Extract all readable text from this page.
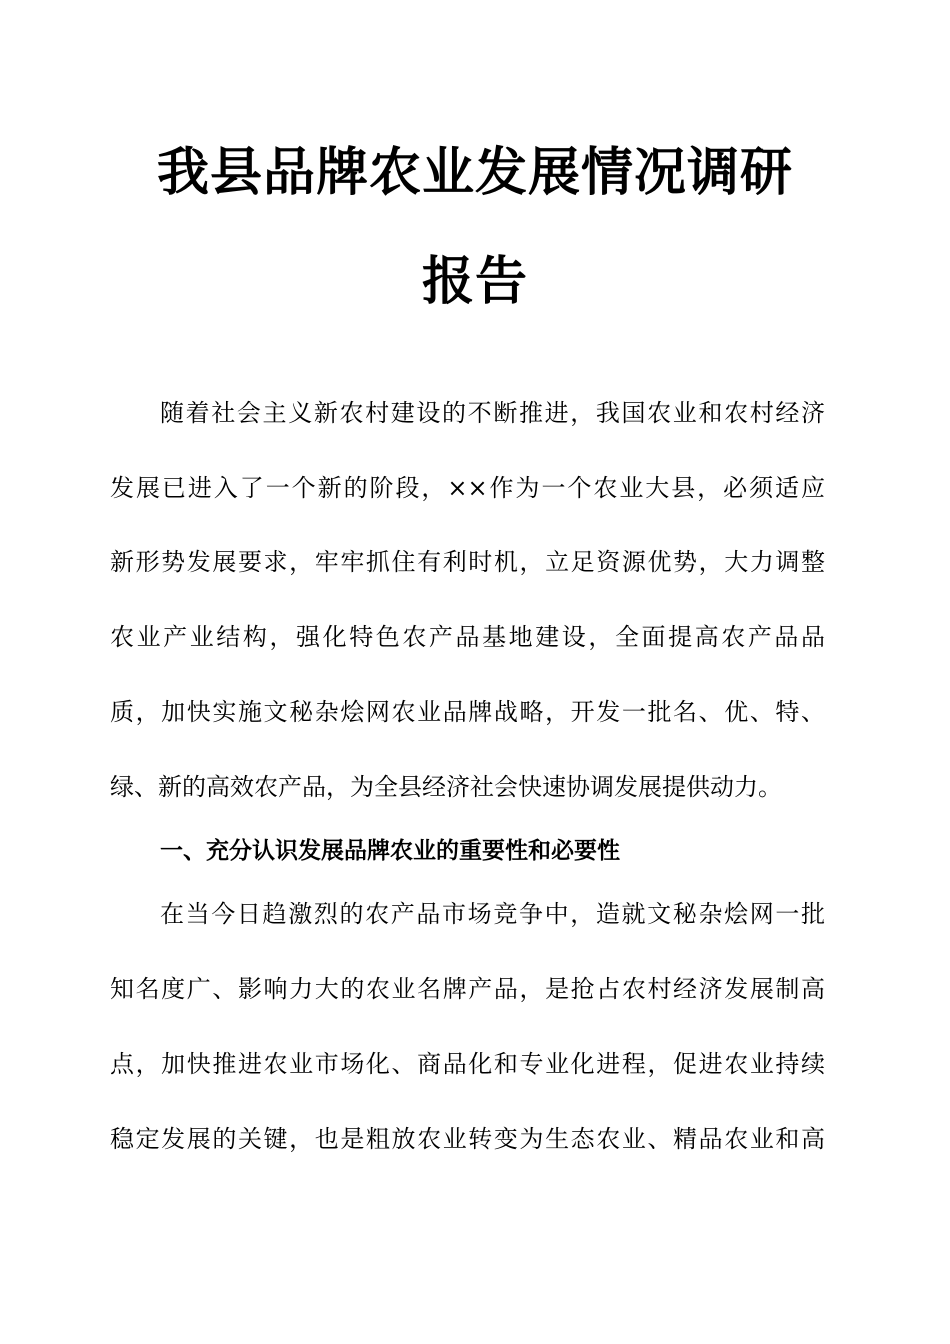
我县品牌农业发展情况调研
报告

随着社会主义新农村建设的不断推进，我国农业和农村经济

发展已进入了一个新的阶段，××作为一个农业大县，必须适应

新形势发展要求，牢牢抓住有利时机，立足资源优势，大力调整

农业产业结构，强化特色农产品基地建设，全面提高农产品品

质，加快实施文秘杂烩网农业品牌战略，开发一批名、优、特、

绿、新的高效农产品，为全县经济社会快速协调发展提供动力。

一、充分认识发展品牌农业的重要性和必要性

在当今日趋激烈的农产品市场竞争中，造就文秘杂烩网一批

知名度广、影响力大的农业名牌产品，是抢占农村经济发展制高

点，加快推进农业市场化、商品化和专业化进程，促进农业持续

稳定发展的关键，也是粗放农业转变为生态农业、精品农业和高
